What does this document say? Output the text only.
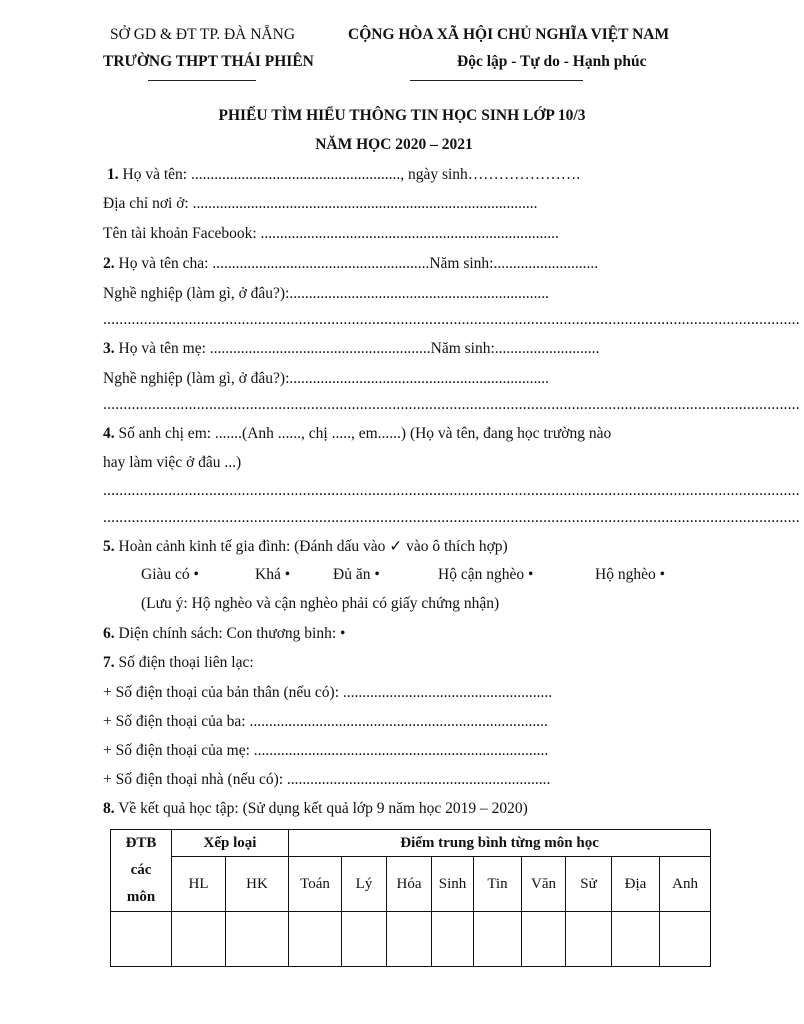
SỞ GD & ĐT TP. ĐÀ NẴNG
TRƯỜNG THPT THÁI PHIÊN
CỘNG HÒA XÃ HỘI CHỦ NGHĨA VIỆT NAM
Độc lập - Tự do - Hạnh phúc
PHIẾU TÌM HIỂU THÔNG TIN HỌC SINH LỚP 10/3
NĂM HỌC 2020 – 2021
1. Họ và tên: ......................................................, ngày sinh………………….
Địa chỉ nơi ở: .........................................................................................
Tên tài khoản Facebook: .............................................................................
2. Họ và tên cha: ........................................................Năm sinh:...........................
Nghề nghiệp (làm gì, ở đâu?):...................................................................
...........................................................................................................................................................................
3. Họ và tên mẹ: .........................................................Năm sinh:...........................
Nghề nghiệp (làm gì, ở đâu?):...................................................................
...........................................................................................................................................................................
4. Số anh chị em: .......(Anh ......, chị ....., em......) (Họ và tên, đang học trường nào
hay làm việc ở đâu ...)
...........................................................................................................................................................................
...........................................................................................................................................................................
5. Hoàn cảnh kinh tế gia đình: (Đánh dấu vào ✓ vào ô thích hợp)
Giàu có •	Khá •	Đủ ăn •	Hộ cận nghèo •	Hộ nghèo •
(Lưu ý: Hộ nghèo và cận nghèo phải có giấy chứng nhận)
6. Diện chính sách: Con thương binh: •
7. Số điện thoại liên lạc:
+ Số điện thoại của bản thân (nếu có): ......................................................
+ Số điện thoại của ba: .............................................................................
+ Số điện thoại của mẹ: ............................................................................
+ Số điện thoại nhà (nếu có): ....................................................................
8. Về kết quả học tập: (Sử dụng kết quả lớp 9 năm học 2019 – 2020)
ĐTB
các
môn	Xếp loại		Điểm trung bình từng môn học								
	HL	HK	Toán	Lý	Hóa	Sinh	Tin	Văn	Sử	Địa	Anh
